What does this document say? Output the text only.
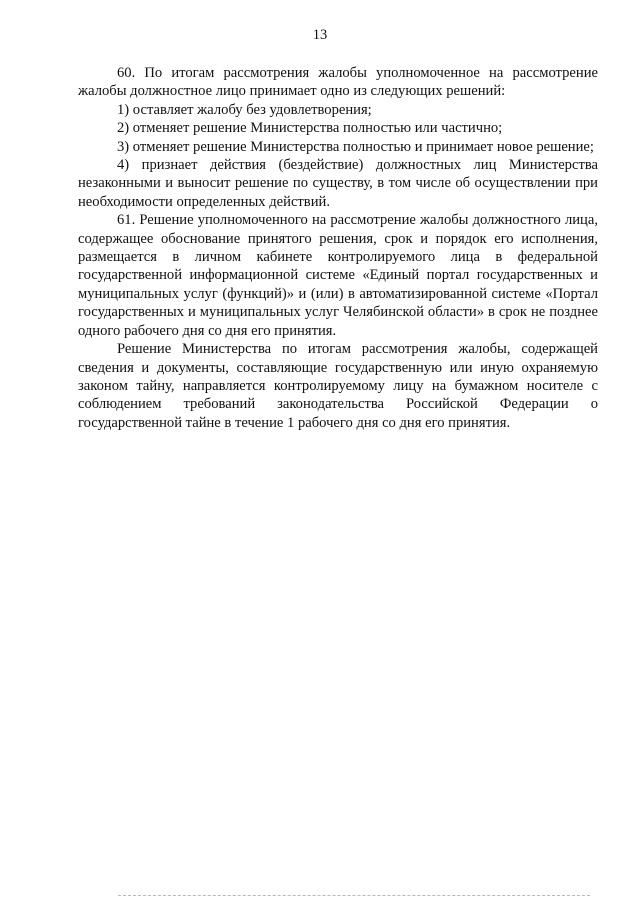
13

60. По итогам рассмотрения жалобы уполномоченное на рассмотрение жалобы должностное лицо принимает одно из следующих решений:

1) оставляет жалобу без удовлетворения;

2) отменяет решение Министерства полностью или частично;

3) отменяет решение Министерства полностью и принимает новое решение;

4) признает действия (бездействие) должностных лиц Министерства незаконными и выносит решение по существу, в том числе об осуществлении при необходимости определенных действий.

61. Решение уполномоченного на рассмотрение жалобы должностного лица, содержащее обоснование принятого решения, срок и порядок его исполнения, размещается в личном кабинете контролируемого лица в федеральной государственной информационной системе «Единый портал государственных и муниципальных услуг (функций)» и (или) в автоматизированной системе «Портал государственных и муниципальных услуг Челябинской области» в срок не позднее одного рабочего дня со дня его принятия.

Решение Министерства по итогам рассмотрения жалобы, содержащей сведения и документы, составляющие государственную или иную охраняемую законом тайну, направляется контролируемому лицу на бумажном носителе с соблюдением требований законодательства Российской Федерации о государственной тайне в течение 1 рабочего дня со дня его принятия.
